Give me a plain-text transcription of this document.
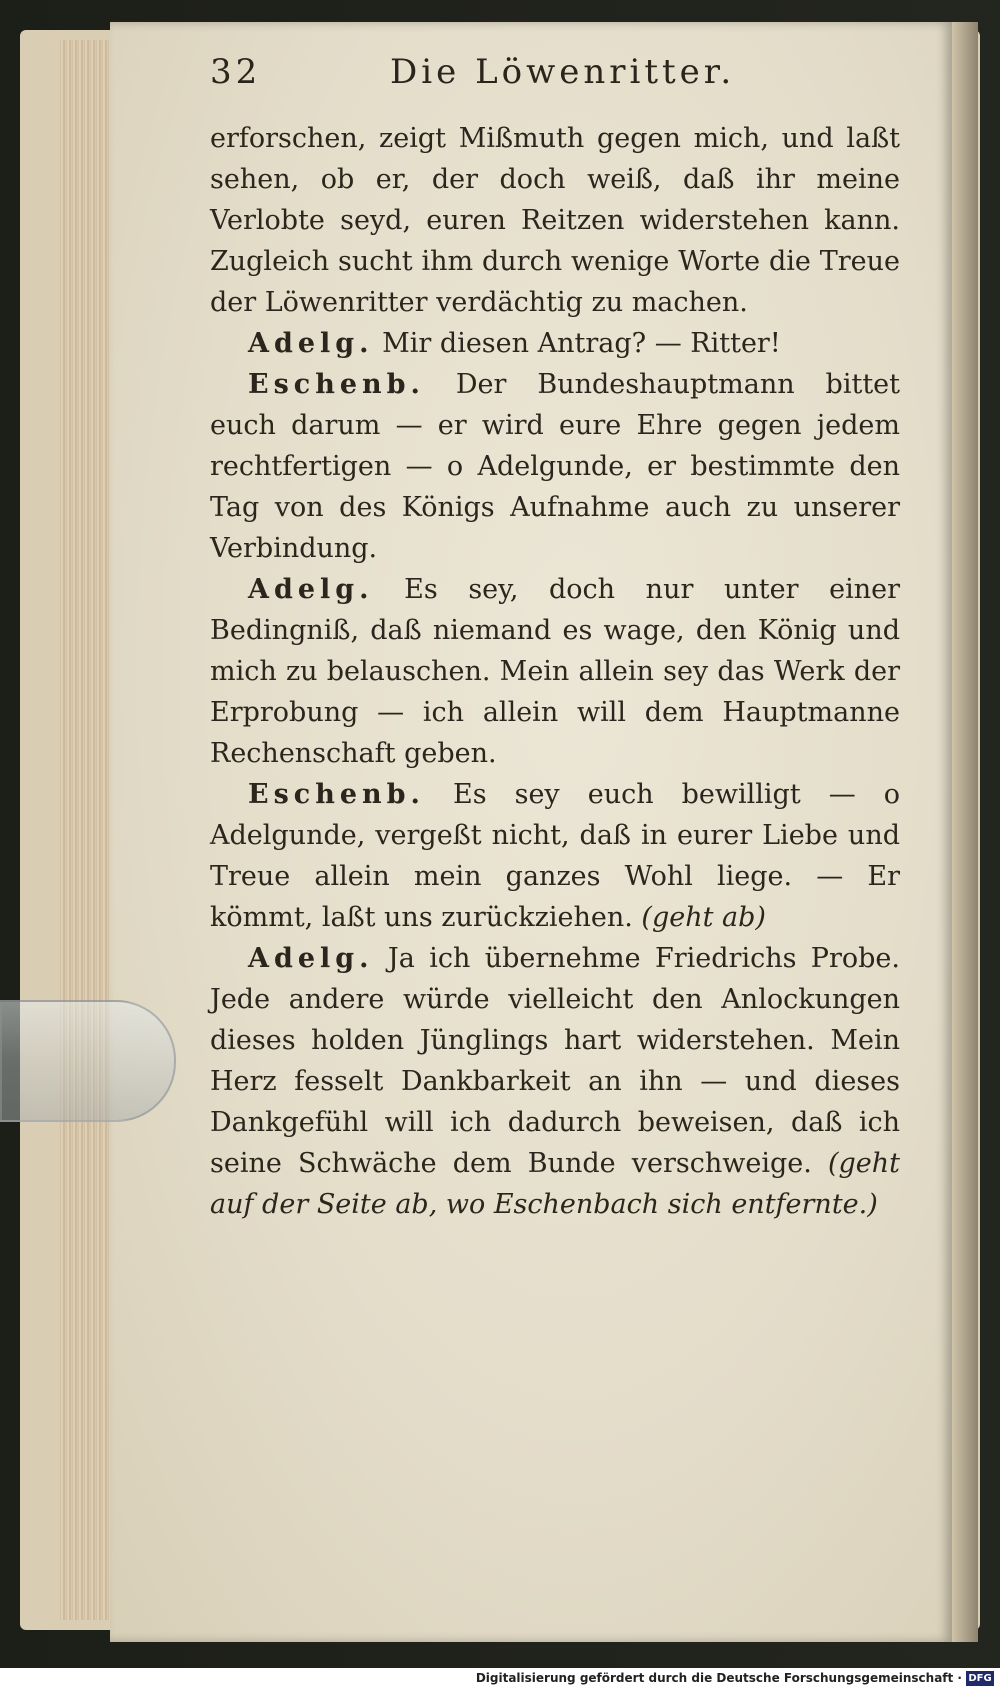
32	Die Löwenritter.

erforschen, zeigt Mißmuth gegen mich, und laßt sehen, ob er, der doch weiß, daß ihr meine Verlobte seyd, euren Reitzen widerstehen kann. Zugleich sucht ihm durch wenige Worte die Treue der Löwenritter verdächtig zu machen.

Adelg. Mir diesen Antrag? — Ritter!

Eschenb. Der Bundeshauptmann bittet euch darum — er wird eure Ehre gegen jedem rechtfertigen — o Adelgunde, er bestimmte den Tag von des Königs Aufnahme auch zu unserer Verbindung.

Adelg. Es sey, doch nur unter einer Bedingniß, daß niemand es wage, den König und mich zu belauschen. Mein allein sey das Werk der Erprobung — ich allein will dem Hauptmanne Rechenschaft geben.

Eschenb. Es sey euch bewilligt — o Adelgunde, vergeßt nicht, daß in eurer Liebe und Treue allein mein ganzes Wohl liege. — Er kömmt, laßt uns zurückziehen. (geht ab)

Adelg. Ja ich übernehme Friedrichs Probe. Jede andere würde vielleicht den Anlockungen dieses holden Jünglings hart widerstehen. Mein Herz fesselt Dankbarkeit an ihn — und dieses Dankgefühl will ich dadurch beweisen, daß ich seine Schwäche dem Bunde verschweige. (geht auf der Seite ab, wo Eschenbach sich entfernte.)

Digitalisierung gefördert durch die Deutsche Forschungsgemeinschaft · DFG
